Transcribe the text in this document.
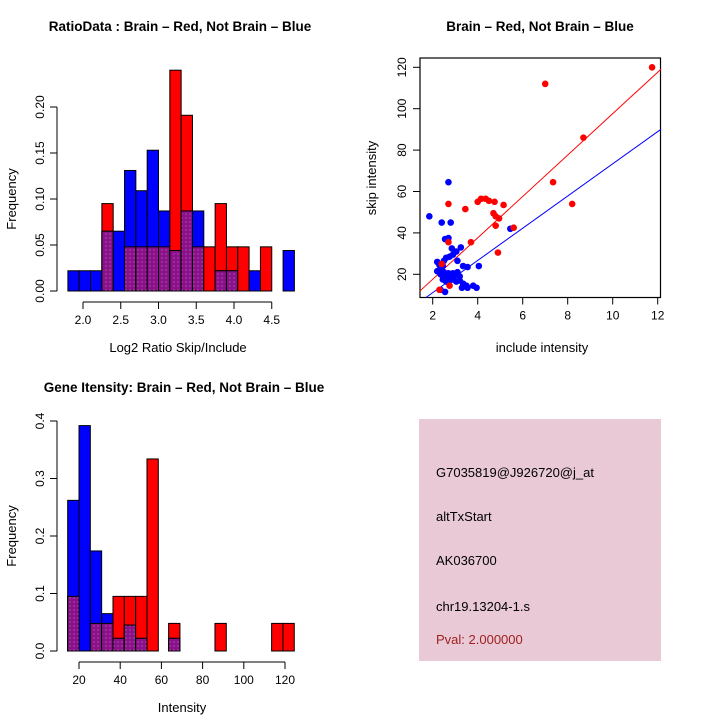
RatioData : Brain – Red, Not Brain – Blue
0.00
0.05
0.10
0.15
0.20
2.0 2.5 3.0 3.5 4.0 4.5
Log2 Ratio Skip/Include
Frequency
Brain – Red, Not Brain – Blue
2	4	6	8	10	12
20
40
60
80
100
120
include intensity
skip intensity
Gene Itensity: Brain – Red, Not Brain – Blue
0.0
0.1
0.2
0.3
0.4
20 40 60 80 100 120
Intensity
Frequency
G7035819@J926720@j_at
altTxStart
AK036700
chr19.13204-1.s
Pval: 2.000000
